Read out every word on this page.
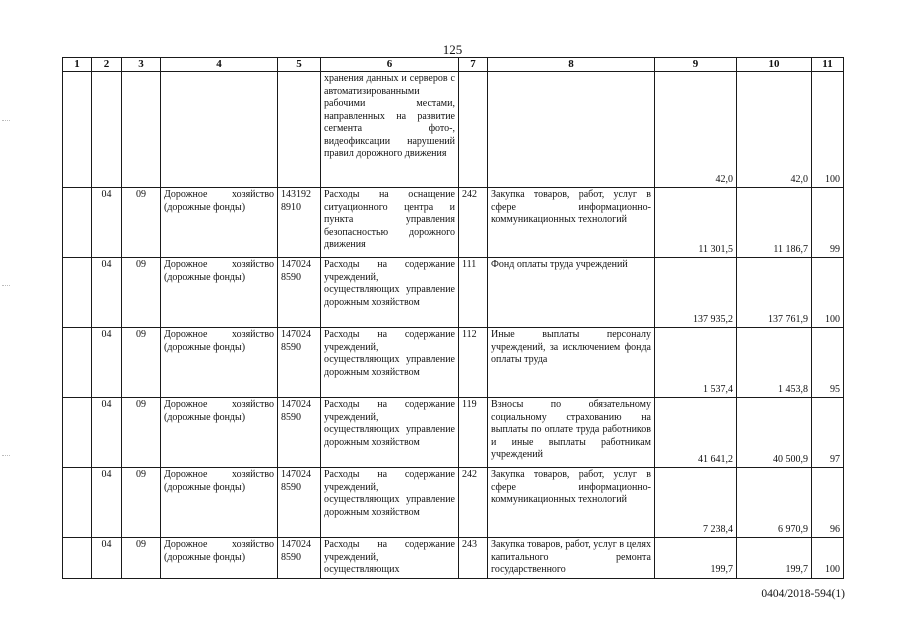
125
1	2	3	4	5	6	7	8	9	10	11
					хранения данных и серверов с автоматизированными рабочими местами, направленных на развитие сегмента фото-, видеофиксации нарушений правил дорожного движения			42,0	42,0	100
	04	09	Дорожное хозяйство (дорожные фонды)	143192 8910	Расходы на оснащение ситуационного центра и пункта управления безопасностью дорожного движения	242	Закупка товаров, работ, услуг в сфере информационно-коммуникационных технологий	11 301,5	11 186,7	99
	04	09	Дорожное хозяйство (дорожные фонды)	147024 8590	Расходы на содержание учреждений, осуществляющих управление дорожным хозяйством	111	Фонд оплаты труда учреждений	137 935,2	137 761,9	100
	04	09	Дорожное хозяйство (дорожные фонды)	147024 8590	Расходы на содержание учреждений, осуществляющих управление дорожным хозяйством	112	Иные выплаты персоналу учреждений, за исключением фонда оплаты труда	1 537,4	1 453,8	95
	04	09	Дорожное хозяйство (дорожные фонды)	147024 8590	Расходы на содержание учреждений, осуществляющих управление дорожным хозяйством	119	Взносы по обязательному социальному страхованию на выплаты по оплате труда работников и иные выплаты работникам учреждений	41 641,2	40 500,9	97
	04	09	Дорожное хозяйство (дорожные фонды)	147024 8590	Расходы на содержание учреждений, осуществляющих управление дорожным хозяйством	242	Закупка товаров, работ, услуг в сфере информационно-коммуникационных технологий	7 238,4	6 970,9	96
	04	09	Дорожное хозяйство (дорожные фонды)	147024 8590	Расходы на содержание учреждений, осуществляющих	243	Закупка товаров, работ, услуг в целях капитального ремонта государственного	199,7	199,7	100
0404/2018-594(1)
